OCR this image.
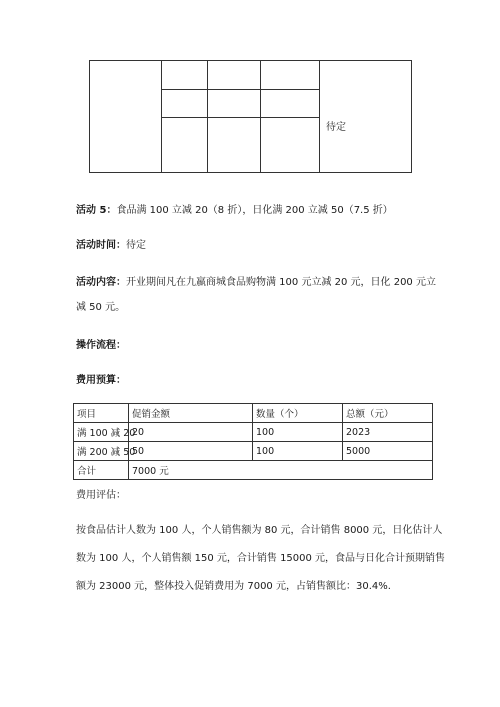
待定
活动 5：食品满 100 立减 20（8 折），日化满 200 立减 50（7.5 折）
活动时间：待定
活动内容：开业期间凡在九嬴商城食品购物满 100 元立减 20 元，日化 200 元立
减 50 元。
操作流程：
费用预算：
项目	促销金额	数量（个）	总额（元）
满 100 减 20	20	100	2023
满 200 减 50	50	100	5000
合计	7000 元		
费用评估：
按食品估计人数为 100 人，个人销售额为 80 元，合计销售 8000 元，日化估计人
数为 100 人，个人销售额 150 元，合计销售 15000 元，食品与日化合计预期销售
额为 23000 元，整体投入促销费用为 7000 元，占销售额比：30.4%.
